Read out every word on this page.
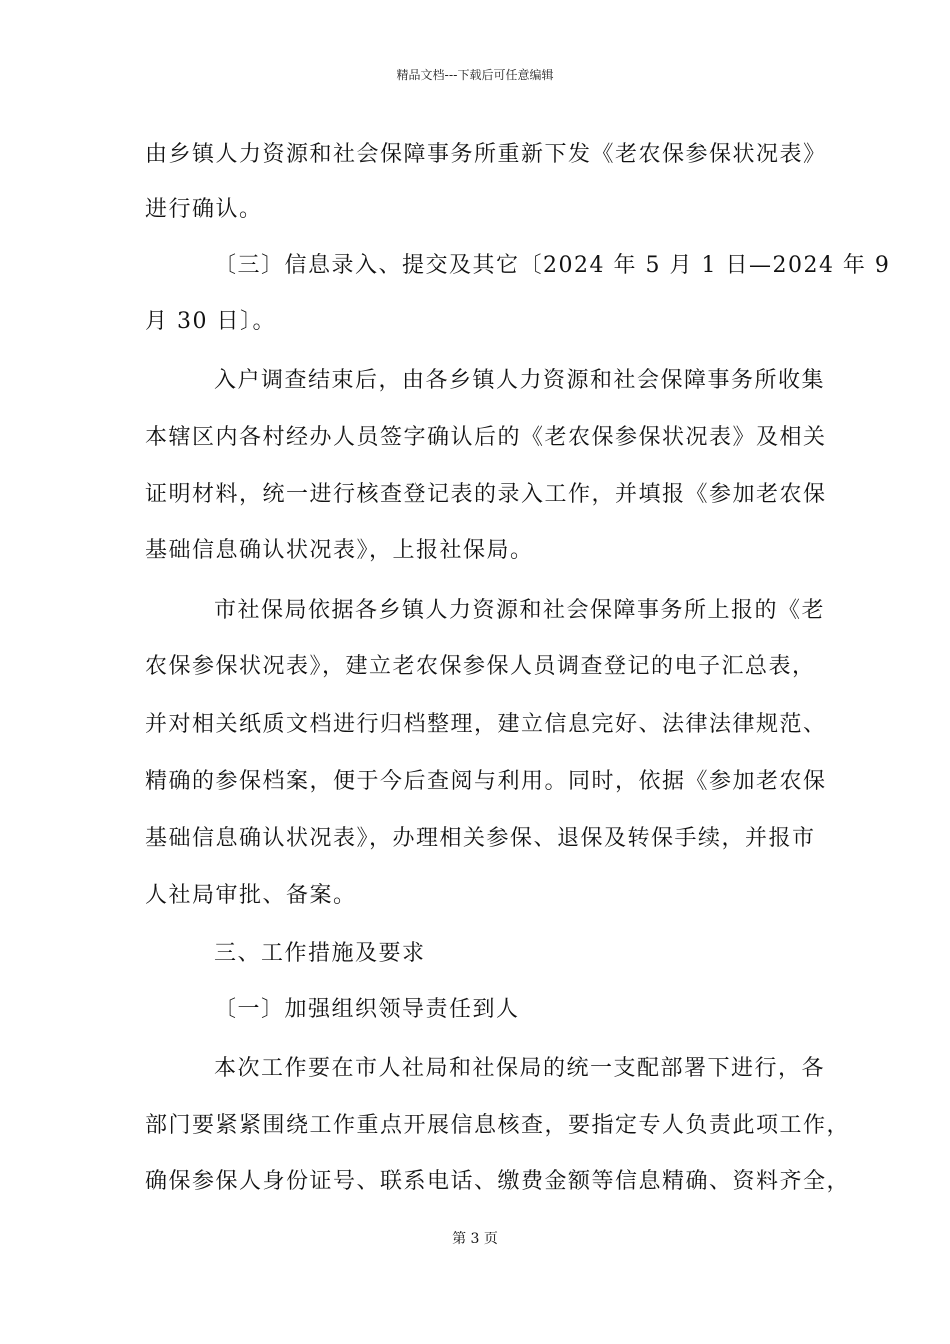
精品文档---下载后可任意编辑
由乡镇人力资源和社会保障事务所重新下发《老农保参保状况表》
进行确认。
〔三〕信息录入、提交及其它〔2024 年 5 月 1 日—2024 年 9
月 30 日〕。
入户调查结束后，由各乡镇人力资源和社会保障事务所收集
本辖区内各村经办人员签字确认后的《老农保参保状况表》及相关
证明材料，统一进行核查登记表的录入工作，并填报《参加老农保
基础信息确认状况表》，上报社保局。
市社保局依据各乡镇人力资源和社会保障事务所上报的《老
农保参保状况表》，建立老农保参保人员调查登记的电子汇总表，
并对相关纸质文档进行归档整理，建立信息完好、法律法律规范、
精确的参保档案，便于今后查阅与利用。同时，依据《参加老农保
基础信息确认状况表》，办理相关参保、退保及转保手续，并报市
人社局审批、备案。
三、工作措施及要求
〔一〕加强组织领导责任到人
本次工作要在市人社局和社保局的统一支配部署下进行，各
部门要紧紧围绕工作重点开展信息核查，要指定专人负责此项工作，
确保参保人身份证号、联系电话、缴费金额等信息精确、资料齐全，
第 3 页
